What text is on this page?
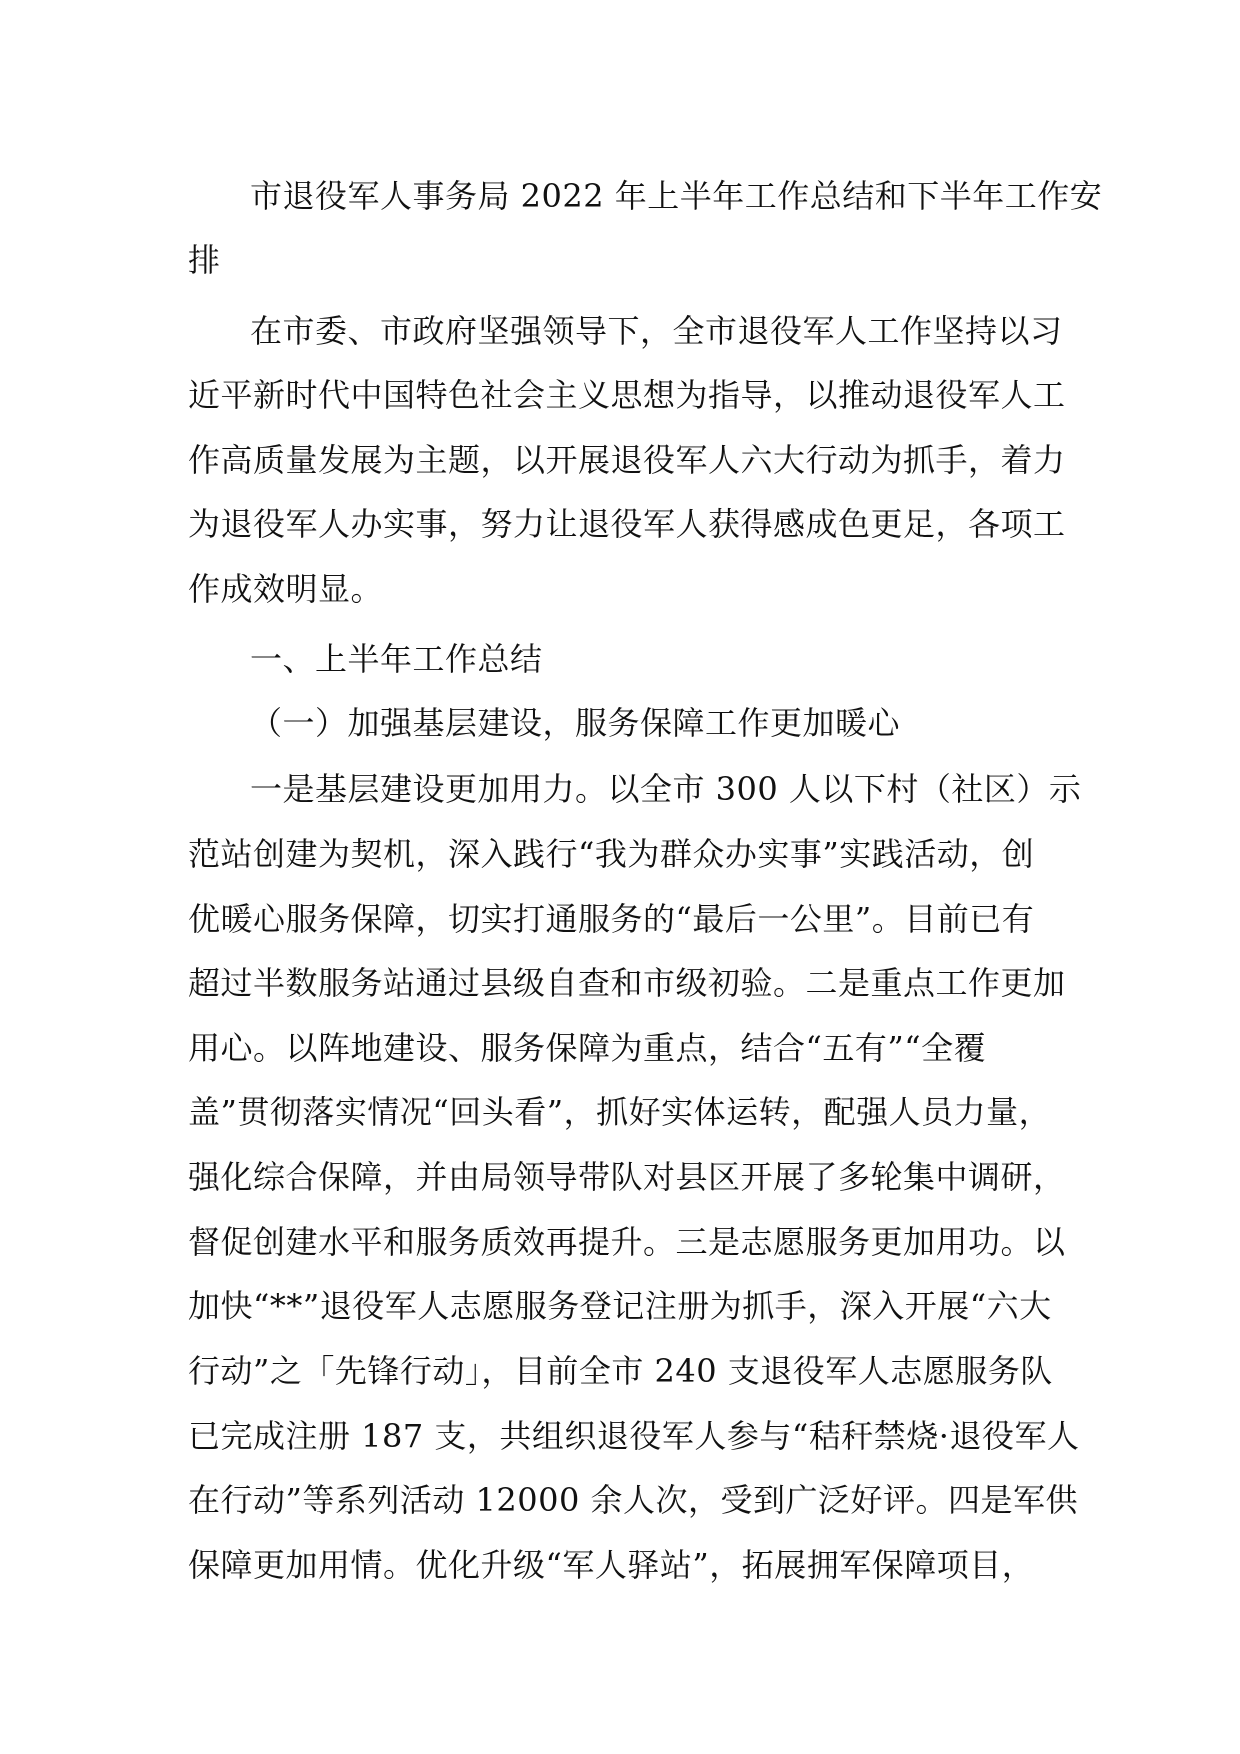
市退役军人事务局 2022 年上半年工作总结和下半年工作安
排
在市委、市政府坚强领导下，全市退役军人工作坚持以习
近平新时代中国特色社会主义思想为指导，以推动退役军人工
作高质量发展为主题，以开展退役军人六大行动为抓手，着力
为退役军人办实事，努力让退役军人获得感成色更足，各项工
作成效明显。
一、上半年工作总结
（一）加强基层建设，服务保障工作更加暖心
一是基层建设更加用力。以全市 300 人以下村（社区）示
范站创建为契机，深入践行“我为群众办实事”实践活动，创
优暖心服务保障，切实打通服务的“最后一公里”。目前已有
超过半数服务站通过县级自查和市级初验。二是重点工作更加
用心。以阵地建设、服务保障为重点，结合“五有”“全覆
盖”贯彻落实情况“回头看”，抓好实体运转，配强人员力量，
强化综合保障，并由局领导带队对县区开展了多轮集中调研，
督促创建水平和服务质效再提升。三是志愿服务更加用功。以
加快“**”退役军人志愿服务登记注册为抓手，深入开展“六大
行动”之「先锋行动」，目前全市 240 支退役军人志愿服务队
已完成注册 187 支，共组织退役军人参与“秸秆禁烧·退役军人
在行动”等系列活动 12000 余人次，受到广泛好评。四是军供
保障更加用情。优化升级“军人驿站”，拓展拥军保障项目，
